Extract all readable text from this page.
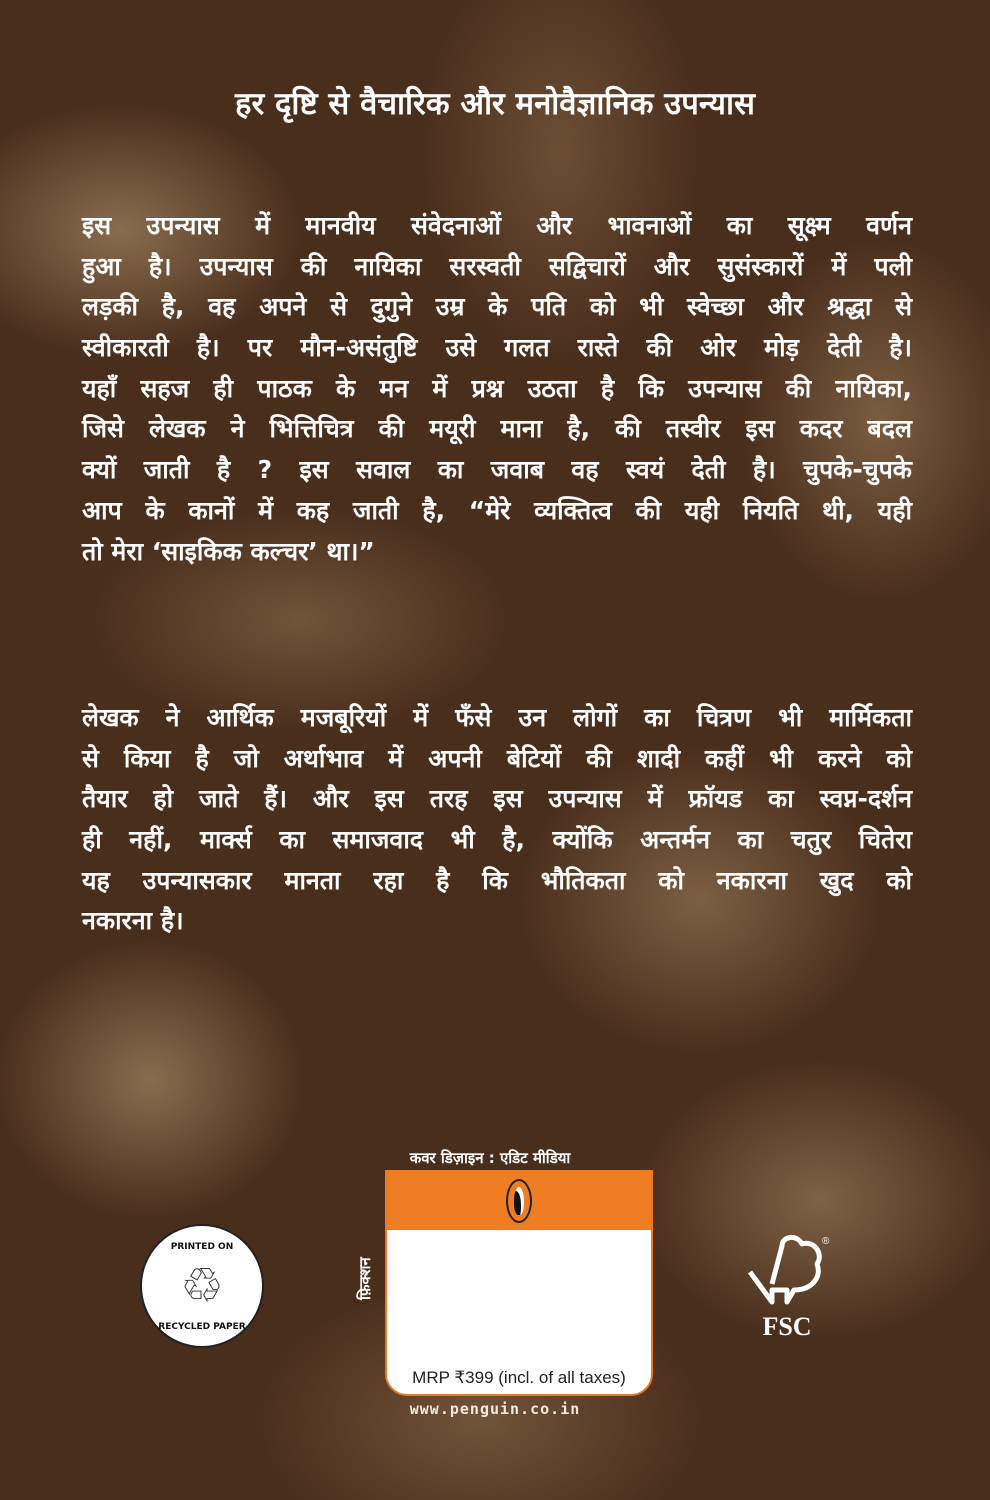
हर दृष्टि से वैचारिक और मनोवैज्ञानिक उपन्यास
इस उपन्यास में मानवीय संवेदनाओं और भावनाओं का सूक्ष्म वर्णन
हुआ है। उपन्यास की नायिका सरस्वती सद्विचारों और सुसंस्कारों में पली
लड़की है, वह अपने से दुगुने उम्र के पति को भी स्वेच्छा और श्रद्धा से
स्वीकारती है। पर मौन-असंतुष्टि उसे गलत रास्ते की ओर मोड़ देती है।
यहाँ सहज ही पाठक के मन में प्रश्न उठता है कि उपन्यास की नायिका,
जिसे लेखक ने भित्तिचित्र की मयूरी माना है, की तस्वीर इस कदर बदल
क्यों जाती है ? इस सवाल का जवाब वह स्वयं देती है। चुपके-चुपके
आप के कानों में कह जाती है, “मेरे व्यक्तित्व की यही नियति थी, यही
तो मेरा ‘साइकिक कल्चर’ था।”
लेखक ने आर्थिक मजबूरियों में फँसे उन लोगों का चित्रण भी मार्मिकता
से किया है जो अर्थाभाव में अपनी बेटियों की शादी कहीं भी करने को
तैयार हो जाते हैं। और इस तरह इस उपन्यास में फ्रॉयड का स्वप्न-दर्शन
ही नहीं, मार्क्स का समाजवाद भी है, क्योंकि अन्तर्मन का चतुर चितेरा
यह उपन्यासकार मानता रहा है कि भौतिकता को नकारना खुद को
नकारना है।
कवर डिज़ाइन : एडिट मीडिया
फ़िक्शन
MRP ₹399 (incl. of all taxes)
www.penguin.co.in
PRINTED ON
♲
RECYCLED PAPER
®
FSC
